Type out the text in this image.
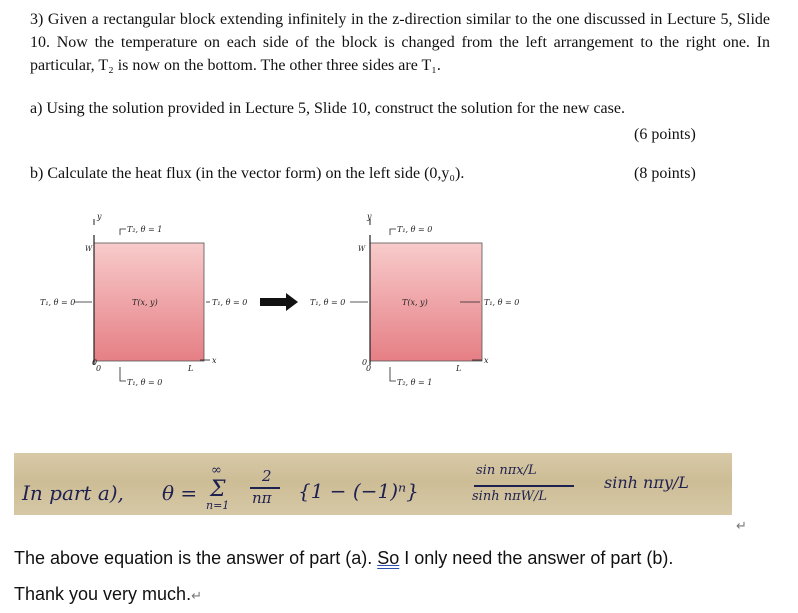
3) Given a rectangular block extending infinitely in the z-direction similar to the one discussed in Lecture 5, Slide 10. Now the temperature on each side of the block is changed from the left arrangement to the right one. In particular, T₂ is now on the bottom. The other three sides are T₁.

a) Using the solution provided in Lecture 5, Slide 10, construct the solution for the new case.
(6 points)
b) Calculate the heat flux (in the vector form) on the left side (0,y₀).	(8 points)
y
W
T₂, θ = 1
T₁, θ = 0	T(x, y)	T₁, θ = 0
0
0
T₁, θ = 0
L
x
y
W
T₁, θ = 0
T₁, θ = 0	T(x, y)	T₁, θ = 0
0
0
T₂, θ = 1
L
x
In part a), θ =
∞
Σ
n=1
2
nπ {1 − (−1)ⁿ}
sin nπx/L
sinh nπW/L
sinh nπy/L
↵
The above equation is the answer of part (a). So I only need the answer of part (b).
Thank you very much.↵
